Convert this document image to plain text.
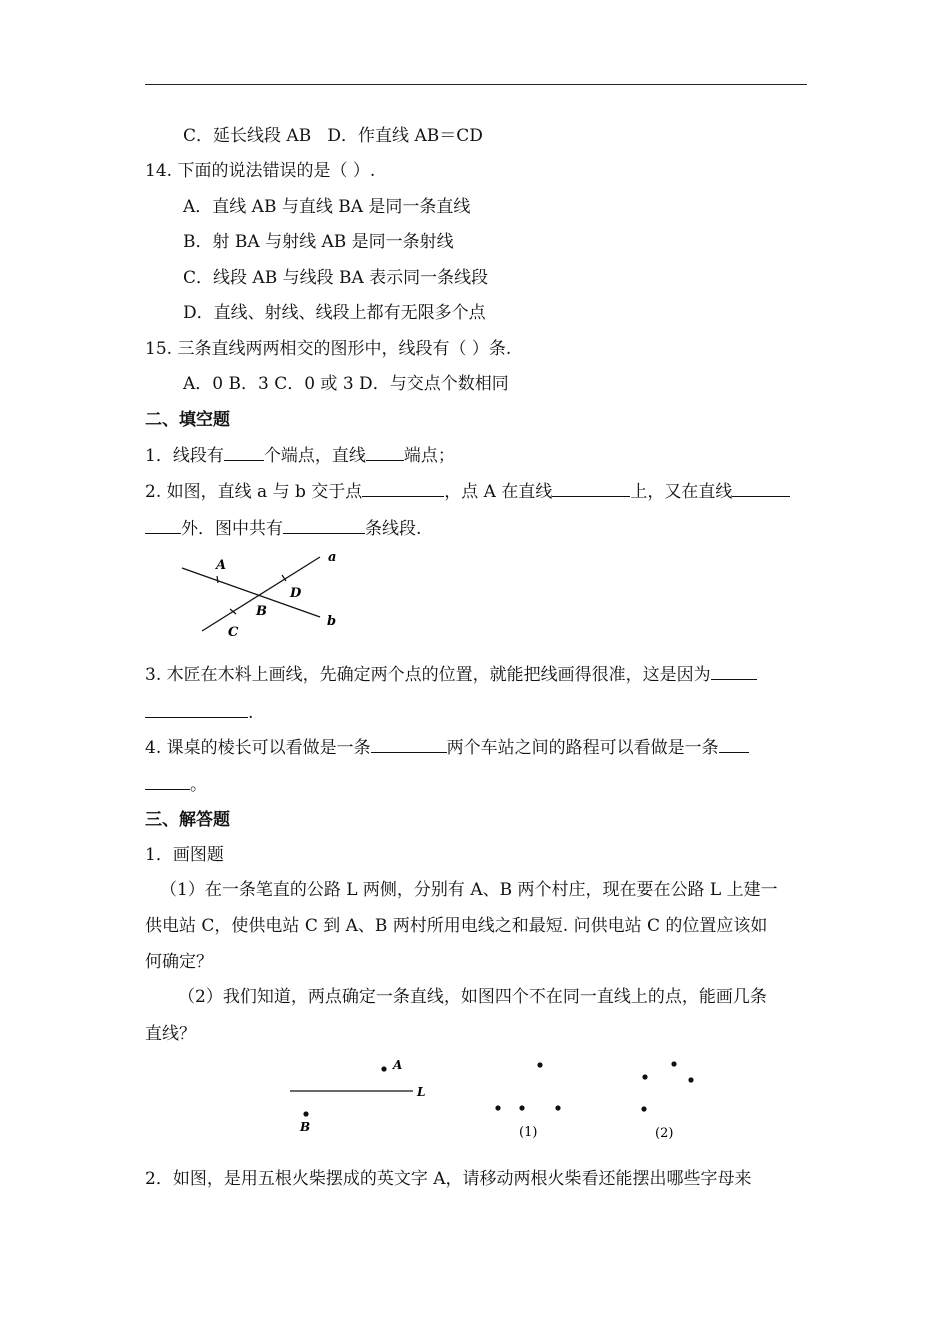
C．延长线段 AB D．作直线 AB＝CD
14. 下面的说法错误的是（ ）.
A．直线 AB 与直线 BA 是同一条直线
B．射 BA 与射线 AB 是同一条射线
C．线段 AB 与线段 BA 表示同一条线段
D．直线、射线、线段上都有无限多个点
15. 三条直线两两相交的图形中，线段有（ ）条.
A．0 B．3 C．0 或 3 D．与交点个数相同
二、填空题
1．线段有 个端点，直线 端点；
2. 如图，直线 a 与 b 交于点	，点 A 在直线	上，又在直线
外．图中共有	条线段.
A
B
C
D
a
b
3. 木匠在木料上画线，先确定两个点的位置，就能把线画得很准，这是因为
.
4. 课桌的棱长可以看做是一条	两个车站之间的路程可以看做是一条
。
三、解答题
1．画图题
（1）在一条笔直的公路 L 两侧，分别有 A、B 两个村庄，现在要在公路 L 上建一
供电站 C，使供电站 C 到 A、B 两村所用电线之和最短. 问供电站 C 的位置应该如
何确定？
（2）我们知道，两点确定一条直线，如图四个不在同一直线上的点，能画几条
直线？
A
L
B	(1)	(2)
2．如图，是用五根火柴摆成的英文字 A，请移动两根火柴看还能摆出哪些字母来
